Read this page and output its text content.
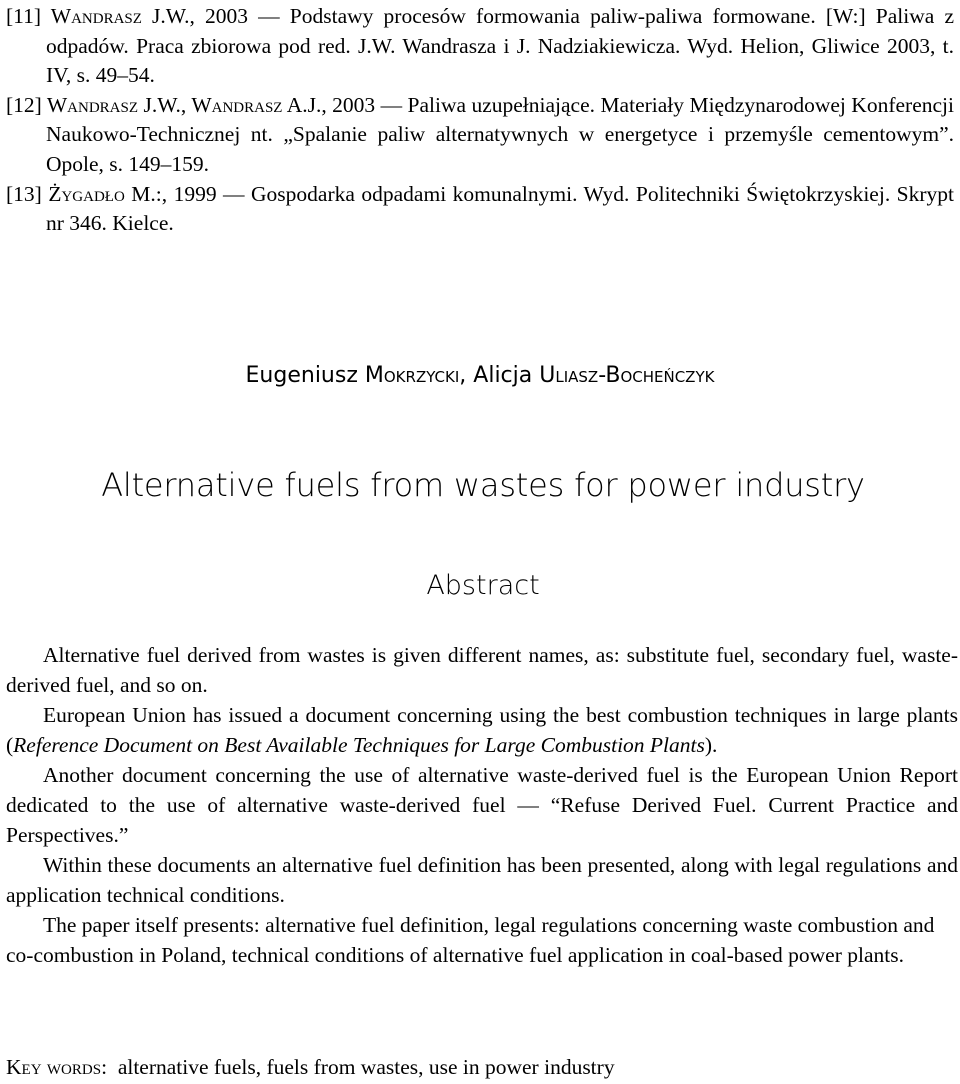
[11] Wandrasz J.W., 2003 — Podstawy procesów formowania paliw-paliwa formowane. [W:] Paliwa z odpadów. Praca zbiorowa pod red. J.W. Wandrasza i J. Nadziakiewicza. Wyd. Helion, Gliwice 2003, t. IV, s. 49–54.
[12] Wandrasz J.W., Wandrasz A.J., 2003 — Paliwa uzupełniające. Materiały Międzynarodowej Konferencji Naukowo-Technicznej nt. „Spalanie paliw alternatywnych w energetyce i przemyśle cementowym”. Opole, s. 149–159.
[13] Żygadło M.:, 1999 — Gospodarka odpadami komunalnymi. Wyd. Politechniki Świętokrzyskiej. Skrypt nr 346. Kielce.
Eugeniusz Mokrzycki, Alicja Uliasz-Bocheńczyk
Alternative fuels from wastes for power industry
Abstract

Alternative fuel derived from wastes is given different names, as: substitute fuel, secondary fuel, waste-derived fuel, and so on.

European Union has issued a document concerning using the best combustion techniques in large plants (Reference Document on Best Available Techniques for Large Combustion Plants).

Another document concerning the use of alternative waste-derived fuel is the European Union Report dedicated to the use of alternative waste-derived fuel — “Refuse Derived Fuel. Current Practice and Perspectives.”

Within these documents an alternative fuel definition has been presented, along with legal regulations and application technical conditions.

The paper itself presents: alternative fuel definition, legal regulations concerning waste combustion and co-combustion in Poland, technical conditions of alternative fuel application in coal-based power plants.

Key words: alternative fuels, fuels from wastes, use in power industry
